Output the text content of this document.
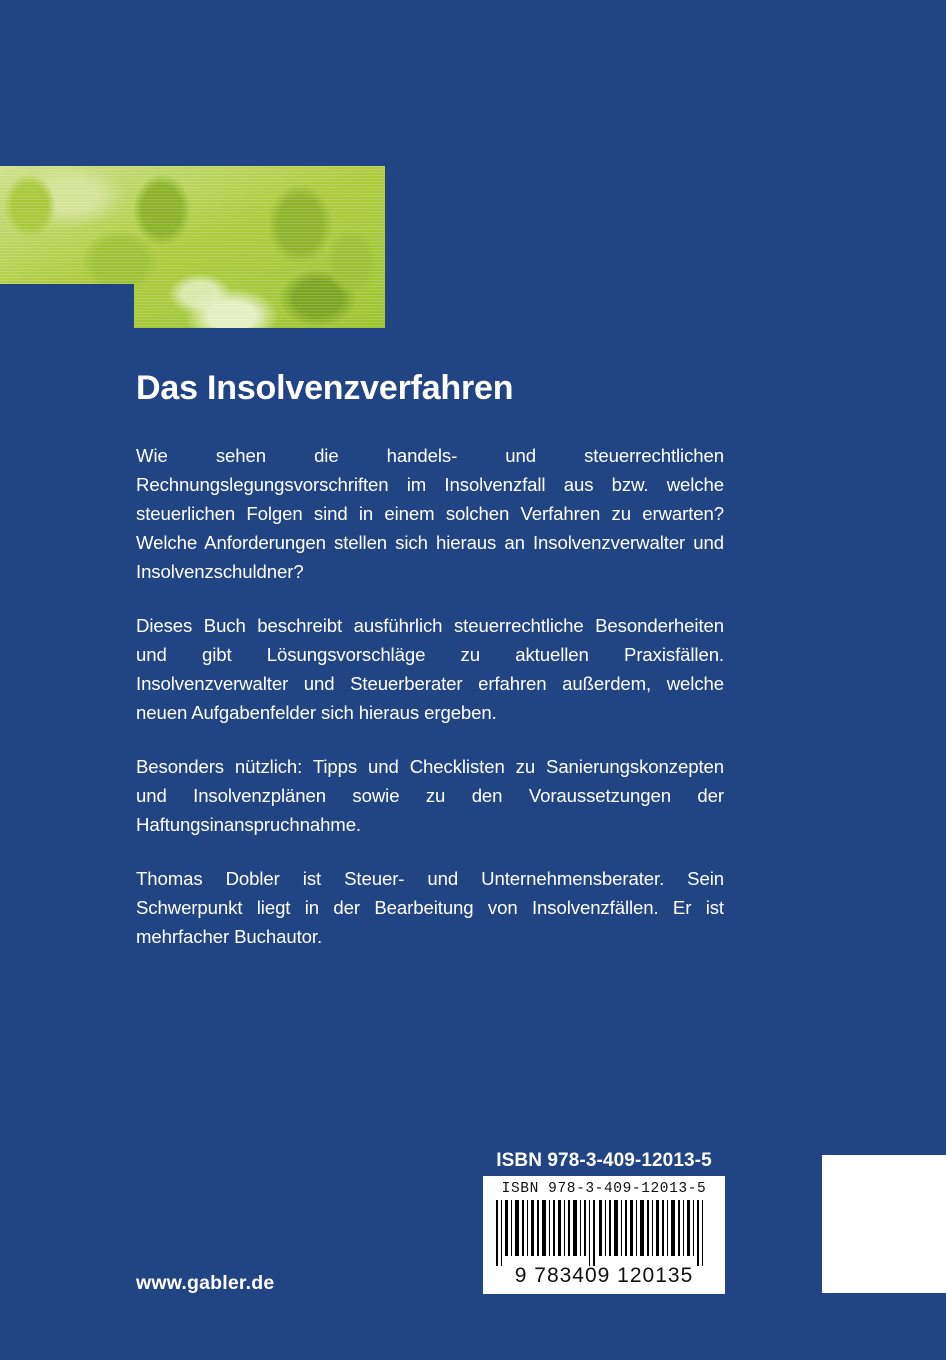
Das Insolvenzverfahren

Wie sehen die handels- und steuerrechtlichen Rechnungslegungsvorschriften im Insolvenzfall aus bzw. welche steuerlichen Folgen sind in einem solchen Verfahren zu erwarten? Welche Anforderungen stellen sich hieraus an Insolvenzverwalter und Insolvenzschuldner?

Dieses Buch beschreibt ausführlich steuerrechtliche Besonderheiten und gibt Lösungsvorschläge zu aktuellen Praxisfällen. Insolvenzverwalter und Steuerberater erfahren außerdem, welche neuen Aufgabenfelder sich hieraus ergeben.

Besonders nützlich: Tipps und Checklisten zu Sanierungskonzepten und Insolvenzplänen sowie zu den Voraussetzungen der Haftungsinanspruchnahme.

Thomas Dobler ist Steuer- und Unternehmensberater. Sein Schwerpunkt liegt in der Bearbeitung von Insolvenzfällen. Er ist mehrfacher Buchautor.

ISBN 978-3-409-12013-5
ISBN 978-3-409-12013-5
9 783409 120135
www.gabler.de
